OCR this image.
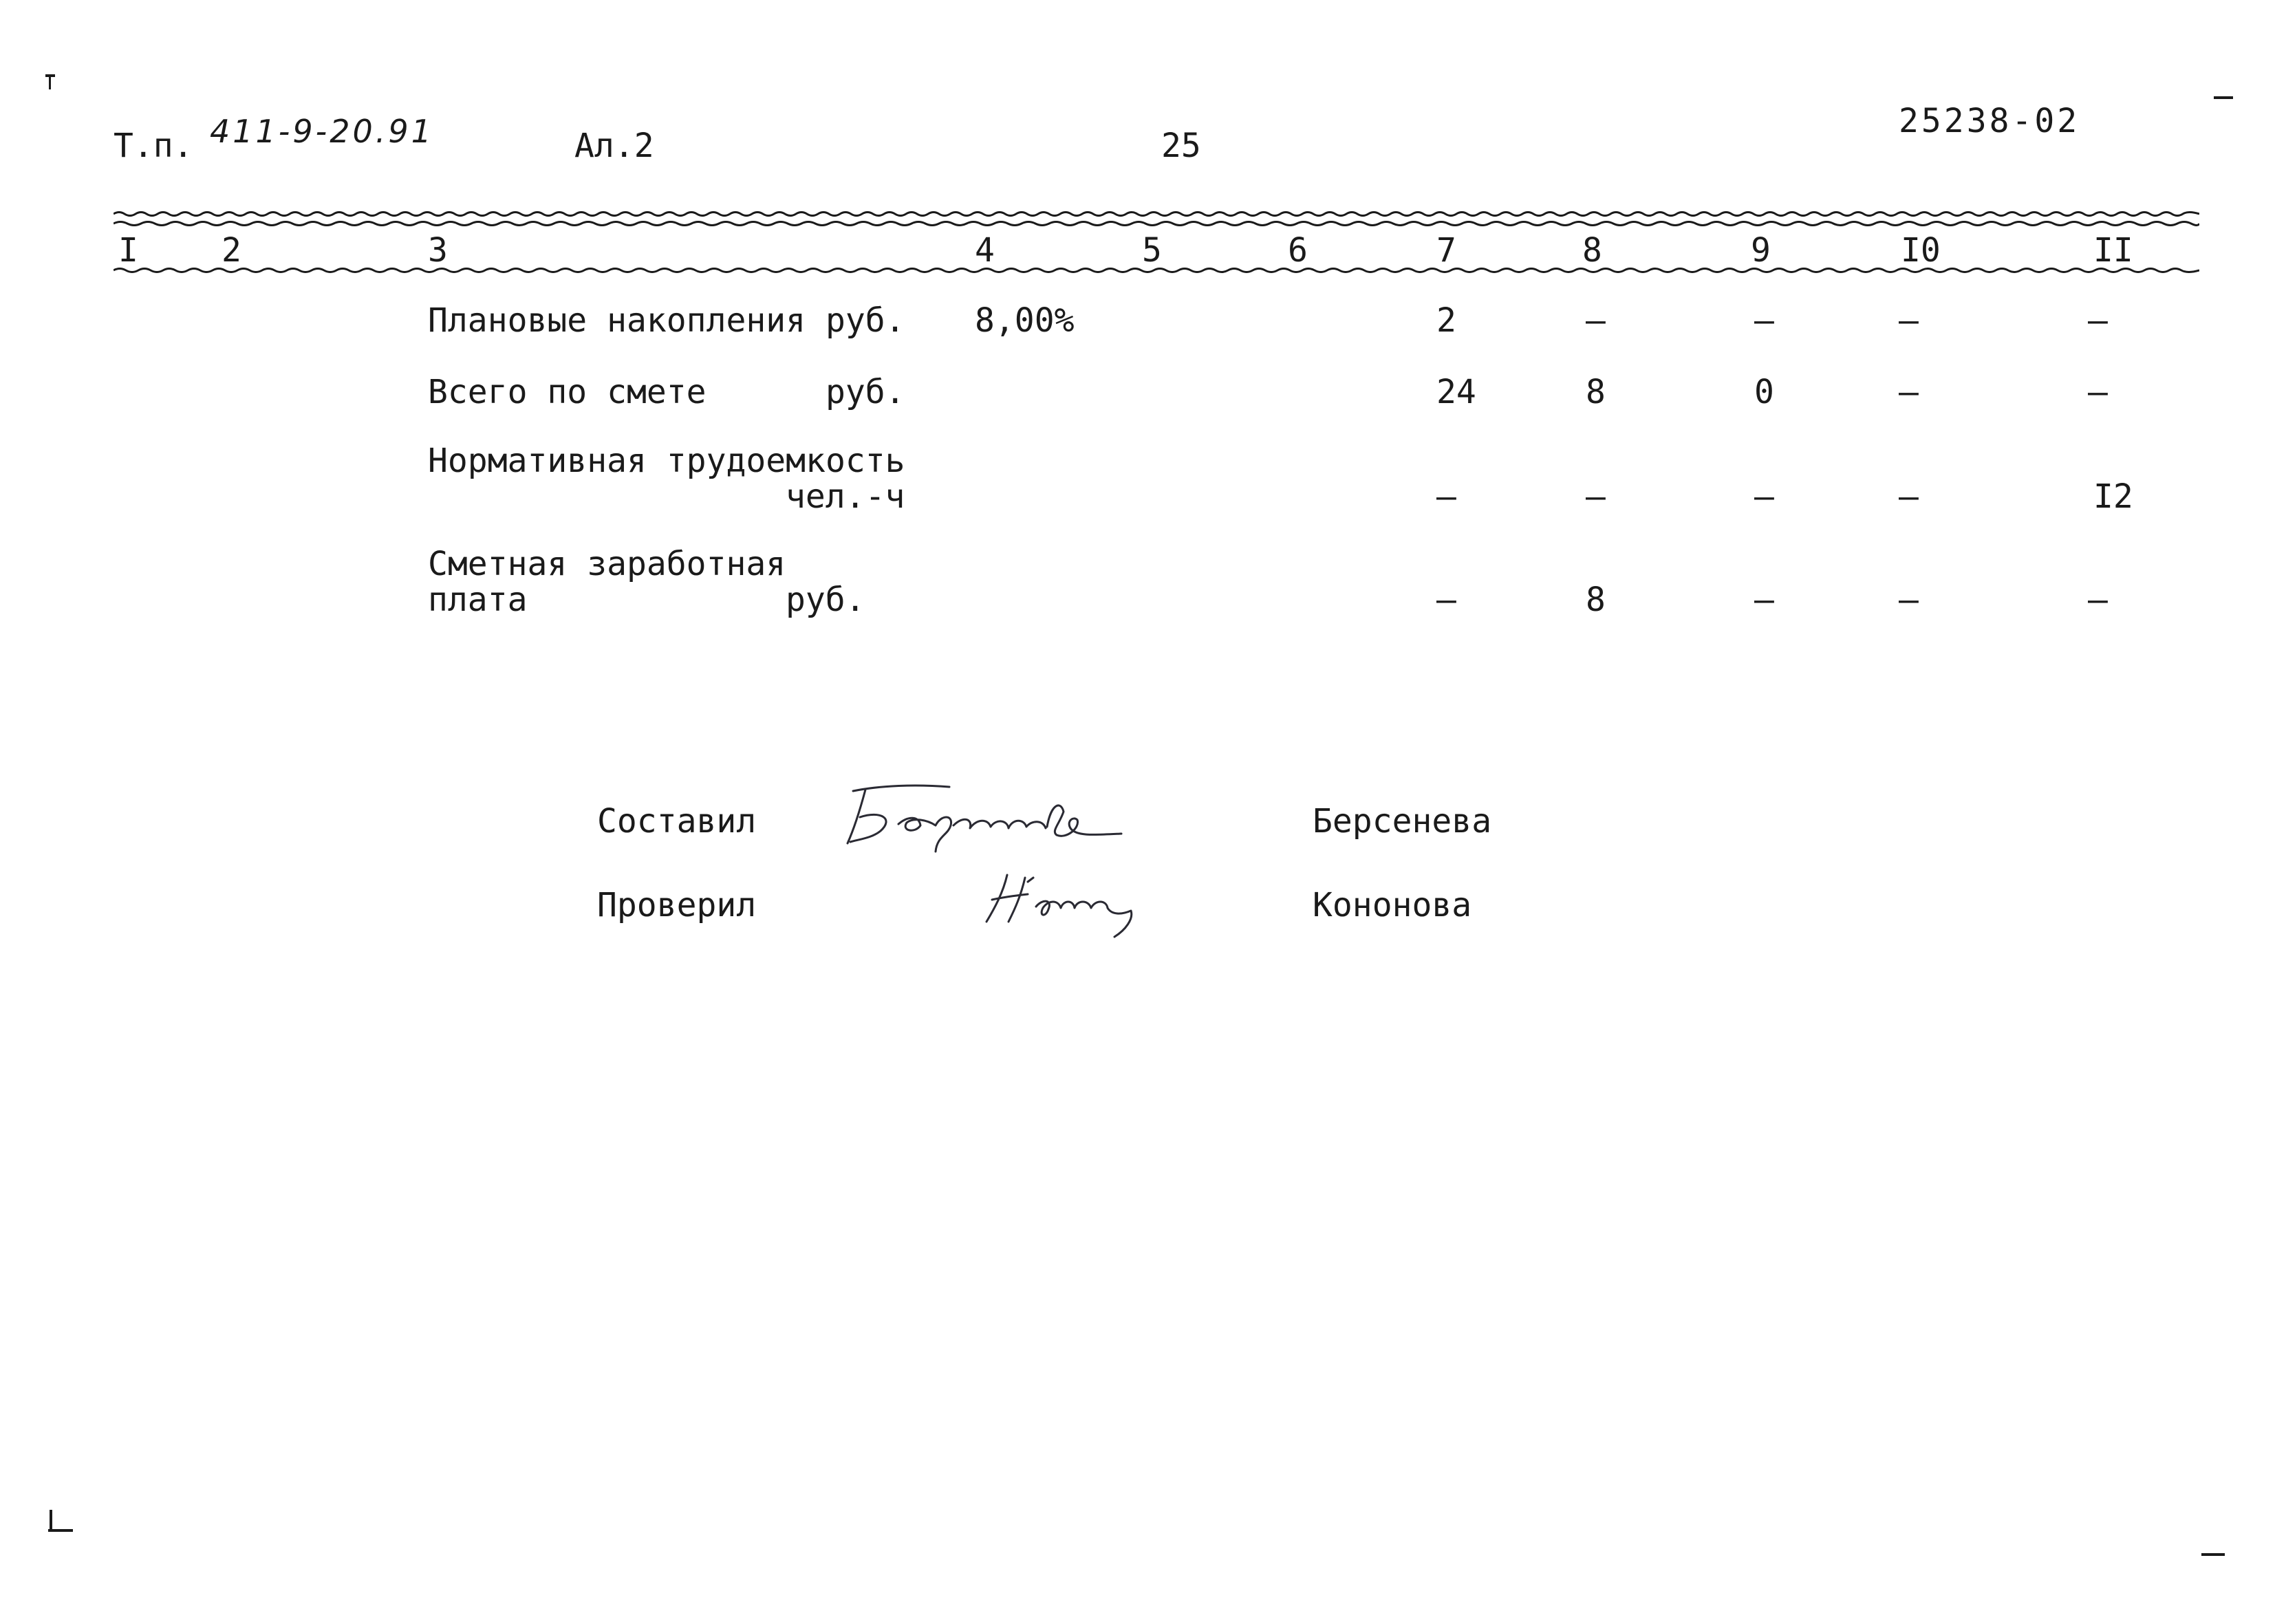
Т.п. 411-9-20.91	Ал.2	25
25238-02
I	2	3	4	5	6	7	8	9	I0	II
Плановые накопления руб. 8,00%	2	–	–	–	–
Всего по смете	руб.	24	8	0	–	–
Нормативная трудоемкость
чел.-ч	–	–	–	–	I2
Сметная заработная
плата	руб.	–	8	–	–	–
Составил	Берсенева
Проверил	Кононова
